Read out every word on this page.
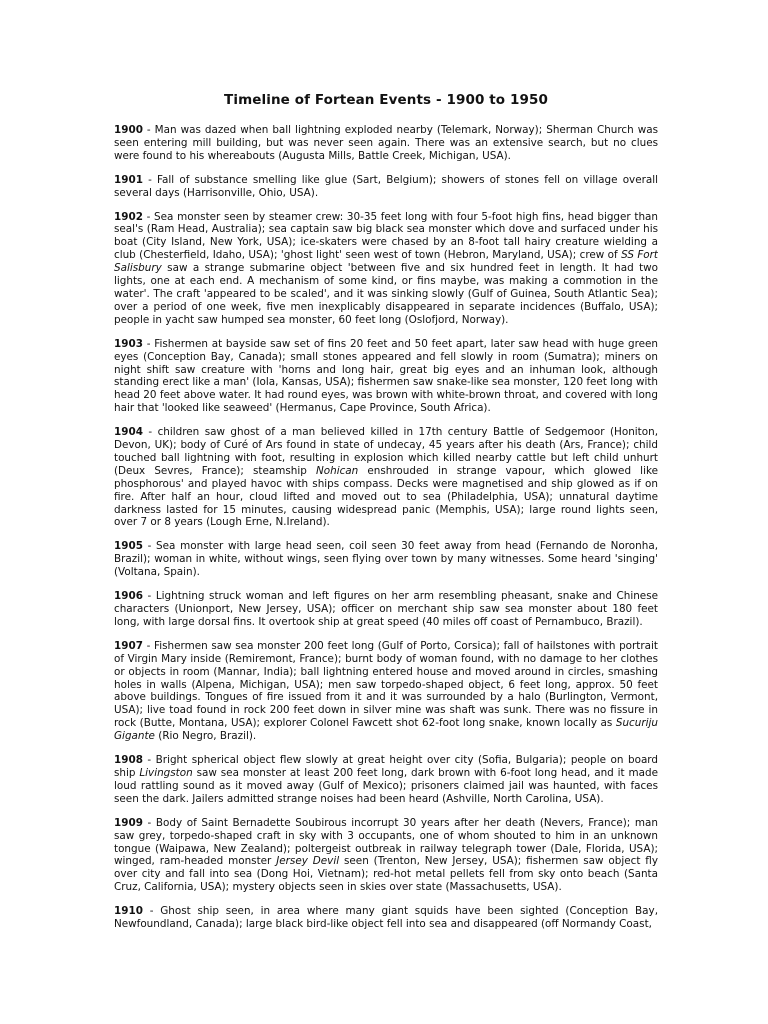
Timeline of Fortean Events - 1900 to 1950

1900 - Man was dazed when ball lightning exploded nearby (Telemark, Norway); Sherman Church was seen entering mill building, but was never seen again. There was an extensive search, but no clues were found to his whereabouts (Augusta Mills, Battle Creek, Michigan, USA).

1901 - Fall of substance smelling like glue (Sart, Belgium); showers of stones fell on village overall several days (Harrisonville, Ohio, USA).

1902 - Sea monster seen by steamer crew: 30-35 feet long with four 5-foot high fins, head bigger than seal's (Ram Head, Australia); sea captain saw big black sea monster which dove and surfaced under his boat (City Island, New York, USA); ice-skaters were chased by an 8-foot tall hairy creature wielding a club (Chesterfield, Idaho, USA); 'ghost light' seen west of town (Hebron, Maryland, USA); crew of SS Fort Salisbury saw a strange submarine object 'between five and six hundred feet in length. It had two lights, one at each end. A mechanism of some kind, or fins maybe, was making a commotion in the water'. The craft 'appeared to be scaled', and it was sinking slowly (Gulf of Guinea, South Atlantic Sea); over a period of one week, five men inexplicably disappeared in separate incidences (Buffalo, USA); people in yacht saw humped sea monster, 60 feet long (Oslofjord, Norway).

1903 - Fishermen at bayside saw set of fins 20 feet and 50 feet apart, later saw head with huge green eyes (Conception Bay, Canada); small stones appeared and fell slowly in room (Sumatra); miners on night shift saw creature with 'horns and long hair, great big eyes and an inhuman look, although standing erect like a man' (Iola, Kansas, USA); fishermen saw snake-like sea monster, 120 feet long with head 20 feet above water. It had round eyes, was brown with white-brown throat, and covered with long hair that 'looked like seaweed' (Hermanus, Cape Province, South Africa).

1904 - children saw ghost of a man believed killed in 17th century Battle of Sedgemoor (Honiton, Devon, UK); body of Curé of Ars found in state of undecay, 45 years after his death (Ars, France); child touched ball lightning with foot, resulting in explosion which killed nearby cattle but left child unhurt (Deux Sevres, France); steamship Nohican enshrouded in strange vapour, which glowed like phosphorous' and played havoc with ships compass. Decks were magnetised and ship glowed as if on fire. After half an hour, cloud lifted and moved out to sea (Philadelphia, USA); unnatural daytime darkness lasted for 15 minutes, causing widespread panic (Memphis, USA); large round lights seen, over 7 or 8 years (Lough Erne, N.Ireland).

1905 - Sea monster with large head seen, coil seen 30 feet away from head (Fernando de Noronha, Brazil); woman in white, without wings, seen flying over town by many witnesses. Some heard 'singing' (Voltana, Spain).

1906 - Lightning struck woman and left figures on her arm resembling pheasant, snake and Chinese characters (Unionport, New Jersey, USA); officer on merchant ship saw sea monster about 180 feet long, with large dorsal fins. It overtook ship at great speed (40 miles off coast of Pernambuco, Brazil).

1907 - Fishermen saw sea monster 200 feet long (Gulf of Porto, Corsica); fall of hailstones with portrait of Virgin Mary inside (Remiremont, France); burnt body of woman found, with no damage to her clothes or objects in room (Mannar, India); ball lightning entered house and moved around in circles, smashing holes in walls (Alpena, Michigan, USA); men saw torpedo-shaped object, 6 feet long, approx. 50 feet above buildings. Tongues of fire issued from it and it was surrounded by a halo (Burlington, Vermont, USA); live toad found in rock 200 feet down in silver mine was shaft was sunk. There was no fissure in rock (Butte, Montana, USA); explorer Colonel Fawcett shot 62-foot long snake, known locally as Sucuriju Gigante (Rio Negro, Brazil).

1908 - Bright spherical object flew slowly at great height over city (Sofia, Bulgaria); people on board ship Livingston saw sea monster at least 200 feet long, dark brown with 6-foot long head, and it made loud rattling sound as it moved away (Gulf of Mexico); prisoners claimed jail was haunted, with faces seen the dark. Jailers admitted strange noises had been heard (Ashville, North Carolina, USA).

1909 - Body of Saint Bernadette Soubirous incorrupt 30 years after her death (Nevers, France); man saw grey, torpedo-shaped craft in sky with 3 occupants, one of whom shouted to him in an unknown tongue (Waipawa, New Zealand); poltergeist outbreak in railway telegraph tower (Dale, Florida, USA); winged, ram-headed monster Jersey Devil seen (Trenton, New Jersey, USA); fishermen saw object fly over city and fall into sea (Dong Hoi, Vietnam); red-hot metal pellets fell from sky onto beach (Santa Cruz, California, USA); mystery objects seen in skies over state (Massachusetts, USA).

1910 - Ghost ship seen, in area where many giant squids have been sighted (Conception Bay, Newfoundland, Canada); large black bird-like object fell into sea and disappeared (off Normandy Coast,
